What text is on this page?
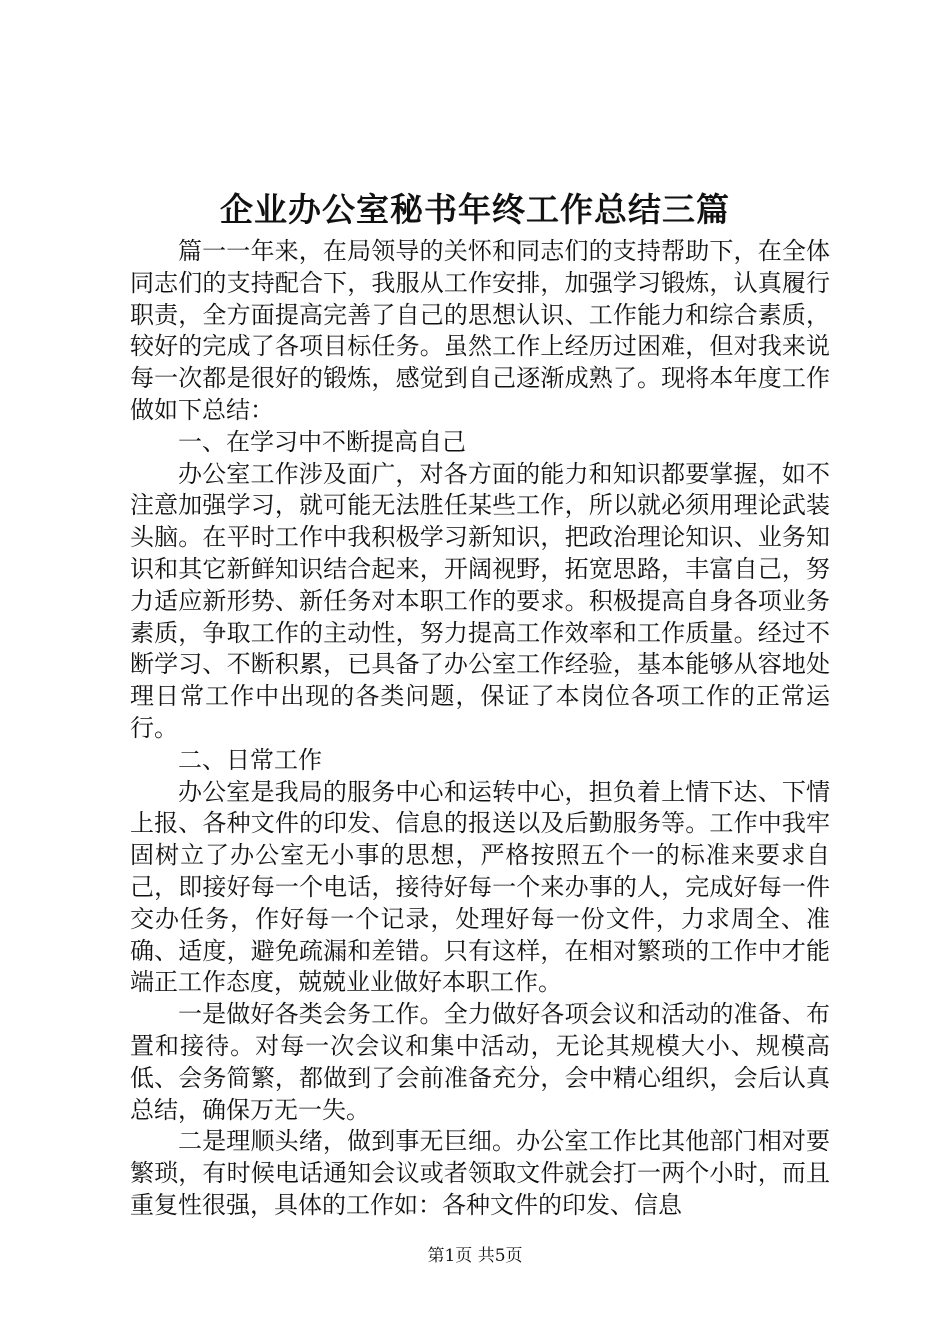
企业办公室秘书年终工作总结三篇

篇一一年来，在局领导的关怀和同志们的支持帮助下，在全体同志们的支持配合下，我服从工作安排，加强学习锻炼，认真履行职责，全方面提高完善了自己的思想认识、工作能力和综合素质，较好的完成了各项目标任务。虽然工作上经历过困难，但对我来说每一次都是很好的锻炼，感觉到自己逐渐成熟了。现将本年度工作做如下总结：

一、在学习中不断提高自己

办公室工作涉及面广，对各方面的能力和知识都要掌握，如不注意加强学习，就可能无法胜任某些工作，所以就必须用理论武装头脑。在平时工作中我积极学习新知识，把政治理论知识、业务知识和其它新鲜知识结合起来，开阔视野，拓宽思路，丰富自己，努力适应新形势、新任务对本职工作的要求。积极提高自身各项业务素质，争取工作的主动性，努力提高工作效率和工作质量。经过不断学习、不断积累，已具备了办公室工作经验，基本能够从容地处理日常工作中出现的各类问题，保证了本岗位各项工作的正常运行。

二、日常工作

办公室是我局的服务中心和运转中心，担负着上情下达、下情上报、各种文件的印发、信息的报送以及后勤服务等。工作中我牢固树立了办公室无小事的思想，严格按照五个一的标准来要求自己，即接好每一个电话，接待好每一个来办事的人，完成好每一件交办任务，作好每一个记录，处理好每一份文件，力求周全、准确、适度，避免疏漏和差错。只有这样，在相对繁琐的工作中才能端正工作态度，兢兢业业做好本职工作。

一是做好各类会务工作。全力做好各项会议和活动的准备、布置和接待。对每一次会议和集中活动，无论其规模大小、规模高低、会务简繁，都做到了会前准备充分，会中精心组织，会后认真总结，确保万无一失。

二是理顺头绪，做到事无巨细。办公室工作比其他部门相对要繁琐，有时候电话通知会议或者领取文件就会打一两个小时，而且重复性很强，具体的工作如：各种文件的印发、信息

第1页 共5页
